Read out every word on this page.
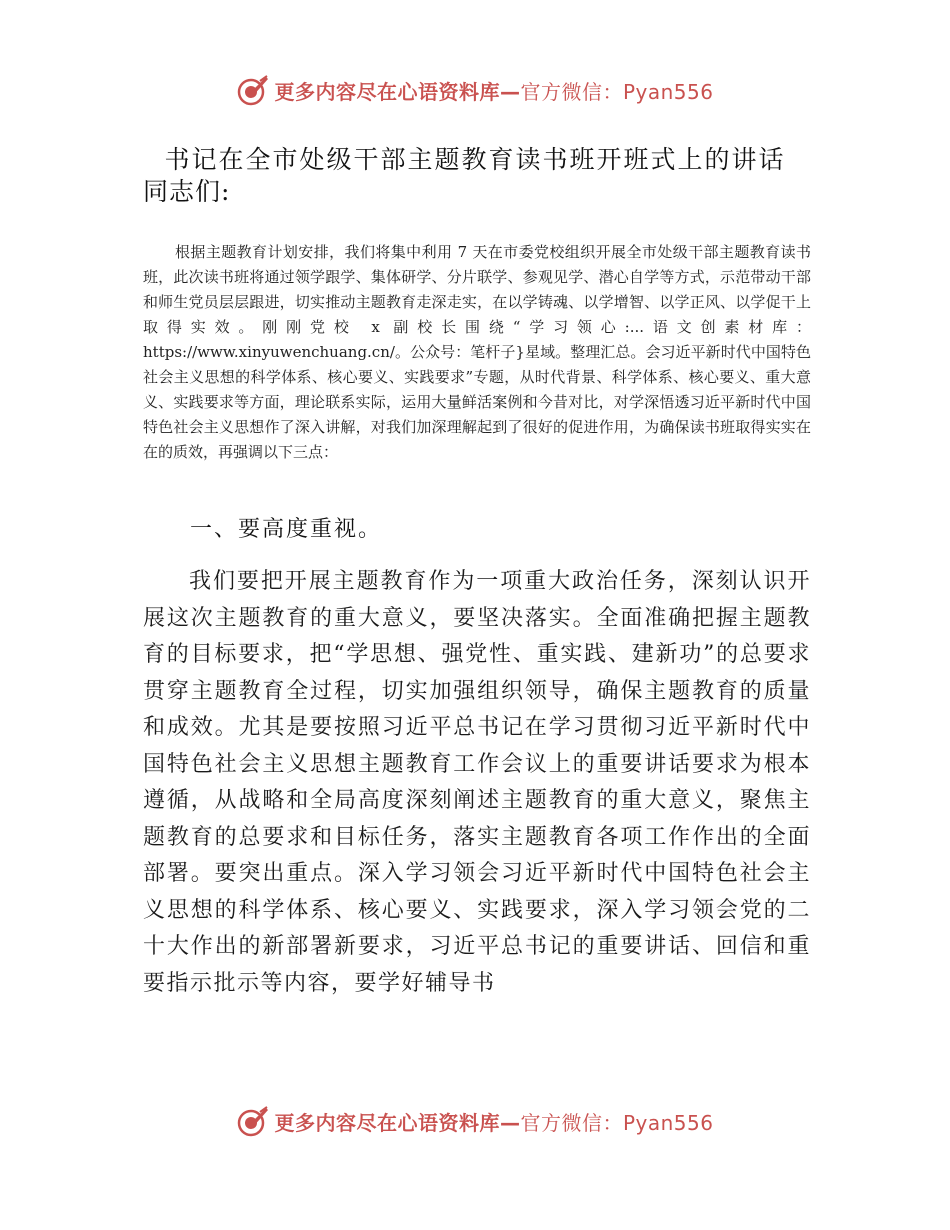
更多内容尽在心语资料库—官方微信：Pyan556
书记在全市处级干部主题教育读书班开班式上的讲话
同志们:

根据主题教育计划安排，我们将集中利用 7 天在市委党校组织开展全市处级干部主题教育读书班，此次读书班将通过领学跟学、集体研学、分片联学、参观见学、潜心自学等方式，示范带动干部和师生党员层层跟进，切实推动主题教育走深走实，在以学铸魂、以学增智、以学正风、以学促干上取得实效。刚刚党校 x 副校长围绕“学习领心:...语文创素材库：https://www.xinyuwenchuang.cn/。公众号：笔杆子}星域。整理汇总。会习近平新时代中国特色社会主义思想的科学体系、核心要义、实践要求”专题，从时代背景、科学体系、核心要义、重大意义、实践要求等方面，理论联系实际，运用大量鲜活案例和今昔对比，对学深悟透习近平新时代中国特色社会主义思想作了深入讲解，对我们加深理解起到了很好的促进作用，为确保读书班取得实实在在的质效，再强调以下三点：

一、要高度重视。

我们要把开展主题教育作为一项重大政治任务，深刻认识开展这次主题教育的重大意义，要坚决落实。全面准确把握主题教育的目标要求，把“学思想、强党性、重实践、建新功”的总要求贯穿主题教育全过程，切实加强组织领导，确保主题教育的质量和成效。尤其是要按照习近平总书记在学习贯彻习近平新时代中国特色社会主义思想主题教育工作会议上的重要讲话要求为根本遵循，从战略和全局高度深刻阐述主题教育的重大意义，聚焦主题教育的总要求和目标任务，落实主题教育各项工作作出的全面部署。要突出重点。深入学习领会习近平新时代中国特色社会主义思想的科学体系、核心要义、实践要求，深入学习领会党的二十大作出的新部署新要求，习近平总书记的重要讲话、回信和重要指示批示等内容，要学好辅导书

更多内容尽在心语资料库—官方微信：Pyan556
